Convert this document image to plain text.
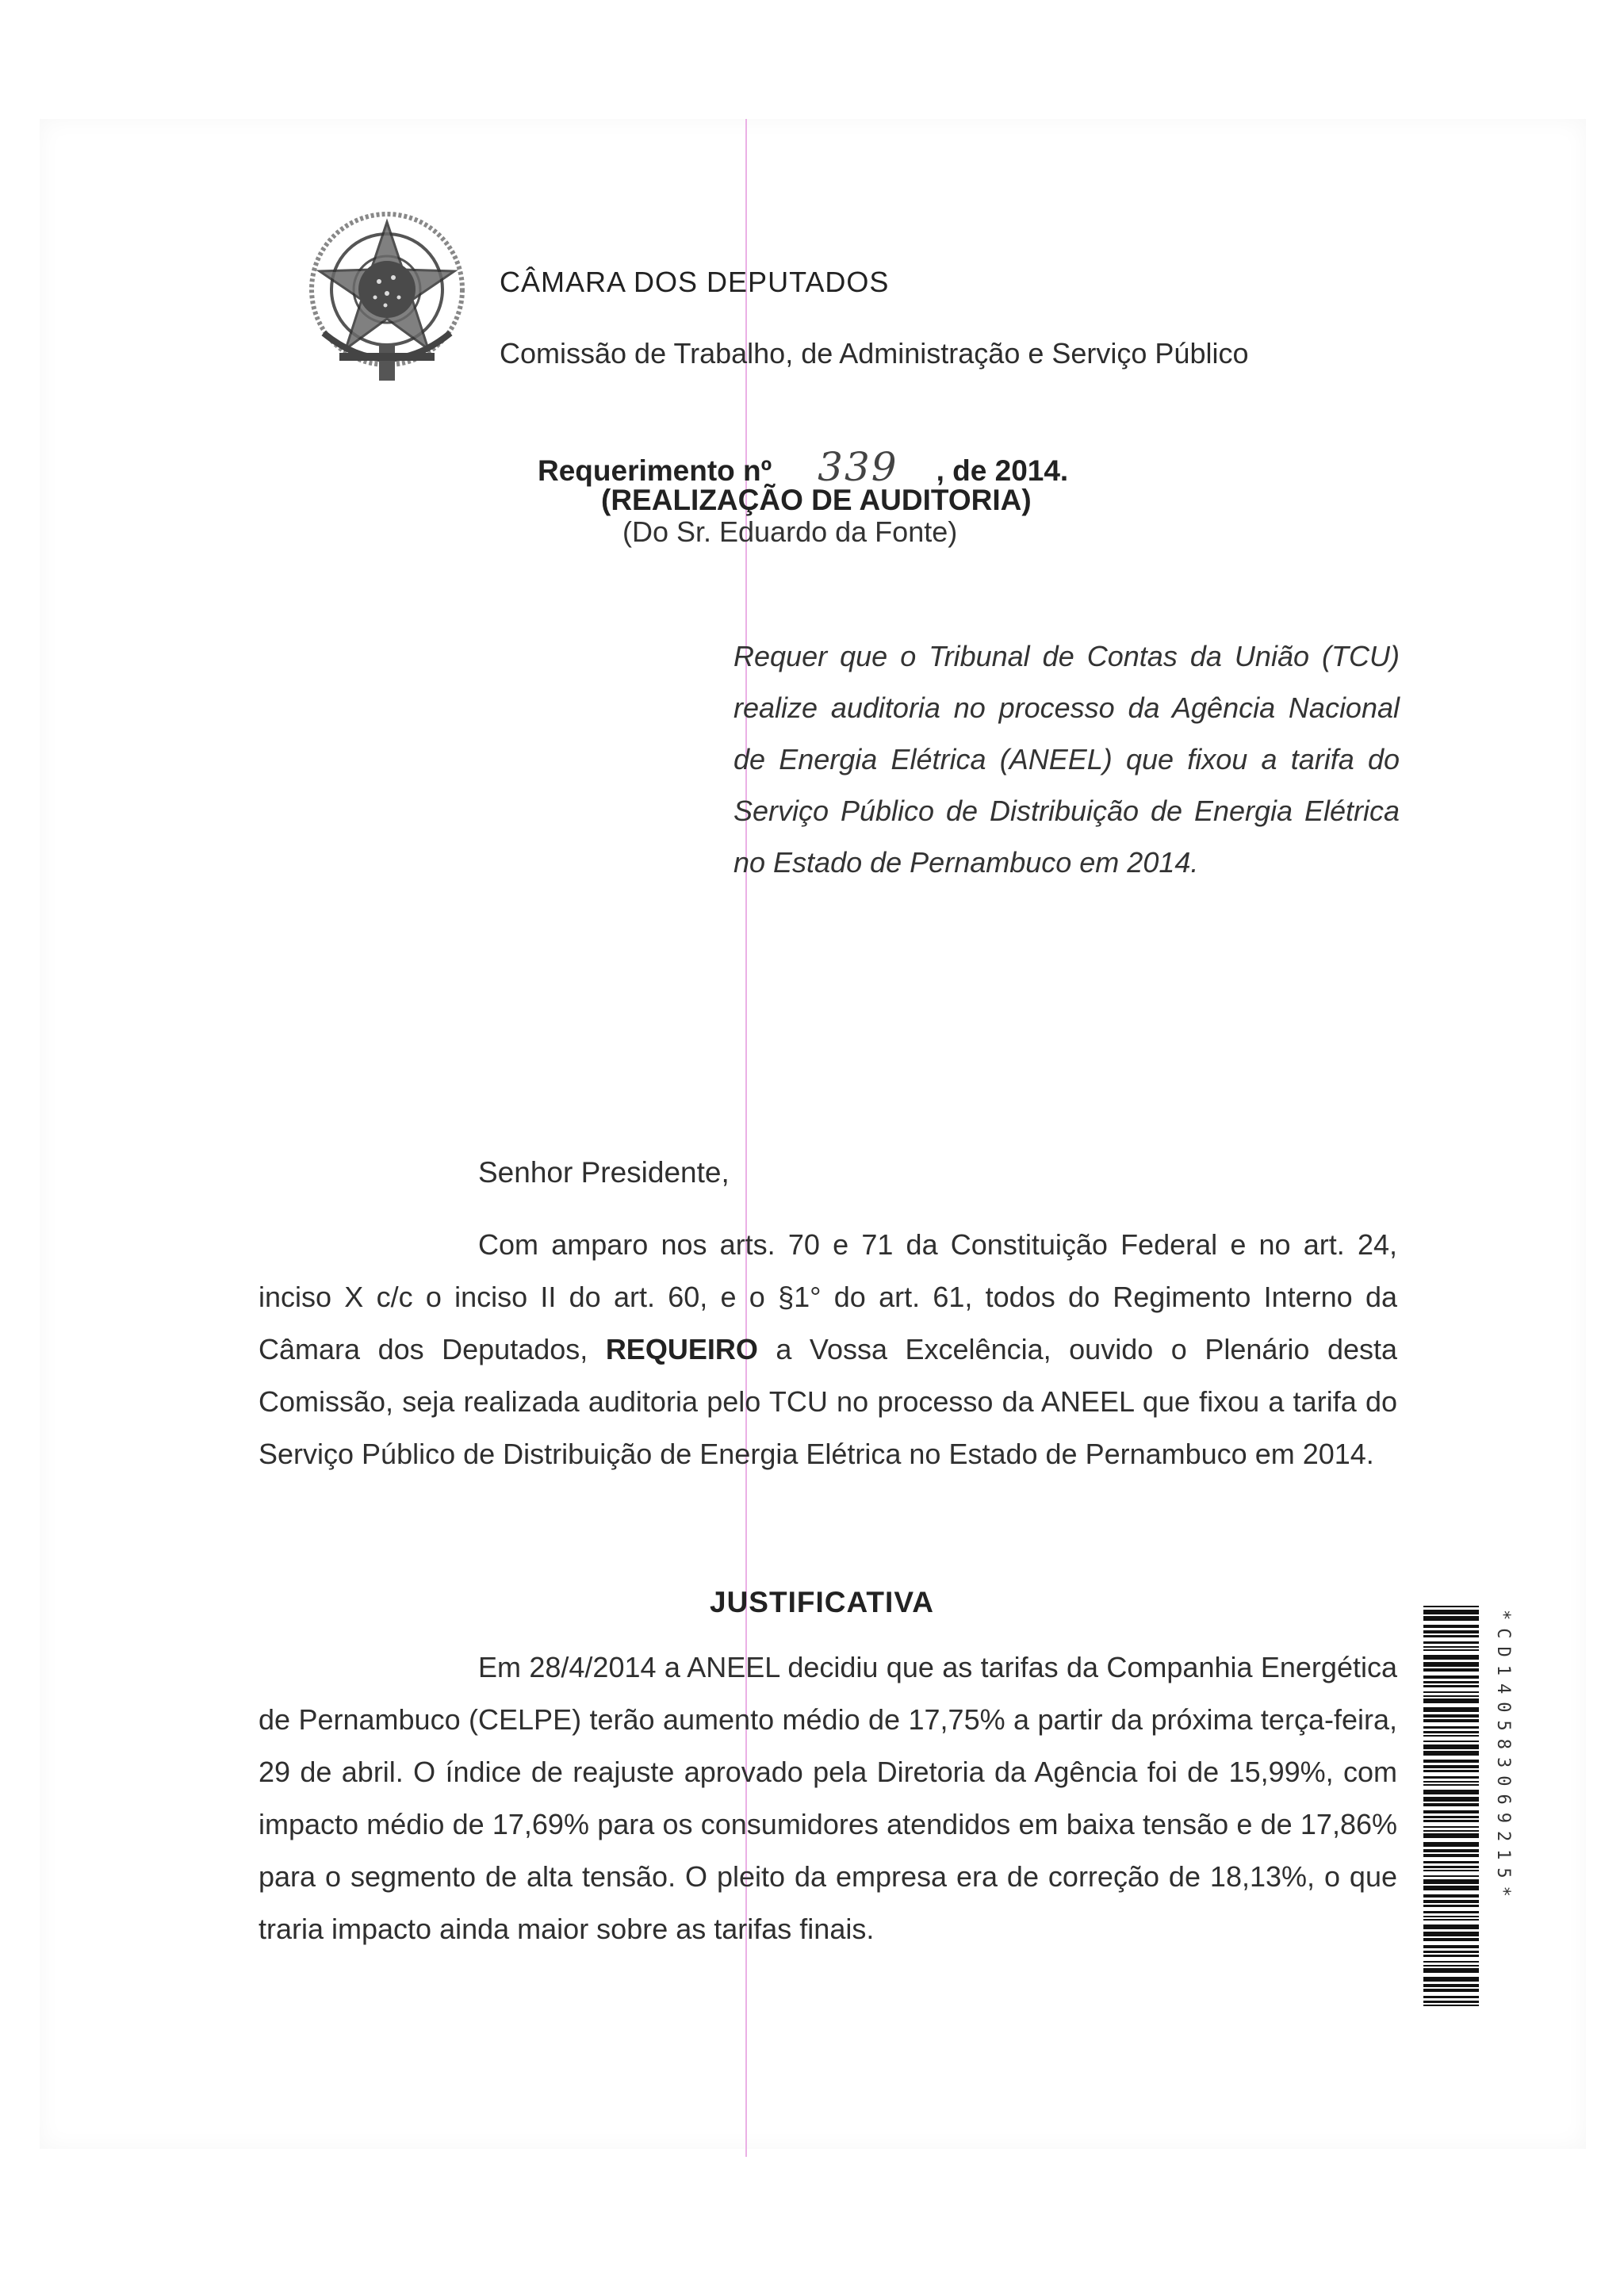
CÂMARA DOS DEPUTADOS
Comissão de Trabalho, de Administração e Serviço Público
Requerimento nº 339 , de 2014.
(REALIZAÇÃO DE AUDITORIA)
(Do Sr. Eduardo da Fonte)
Requer que o Tribunal de Contas da União (TCU) realize auditoria no processo da Agência Nacional de Energia Elétrica (ANEEL) que fixou a tarifa do Serviço Público de Distribuição de Energia Elétrica no Estado de Pernambuco em 2014.
Senhor Presidente,
Com amparo nos arts. 70 e 71 da Constituição Federal e no art. 24, inciso X c/c o inciso II do art. 60, e o §1° do art. 61, todos do Regimento Interno da Câmara dos Deputados, REQUEIRO a Vossa Excelência, ouvido o Plenário desta Comissão, seja realizada auditoria pelo TCU no processo da ANEEL que fixou a tarifa do Serviço Público de Distribuição de Energia Elétrica no Estado de Pernambuco em 2014.
JUSTIFICATIVA
Em 28/4/2014 a ANEEL decidiu que as tarifas da Companhia Energética de Pernambuco (CELPE) terão aumento médio de 17,75% a partir da próxima terça-feira, 29 de abril. O índice de reajuste aprovado pela Diretoria da Agência foi de 15,99%, com impacto médio de 17,69% para os consumidores atendidos em baixa tensão e de 17,86% para o segmento de alta tensão. O pleito da empresa era de correção de 18,13%, o que traria impacto ainda maior sobre as tarifas finais.
*CD140583069215*
